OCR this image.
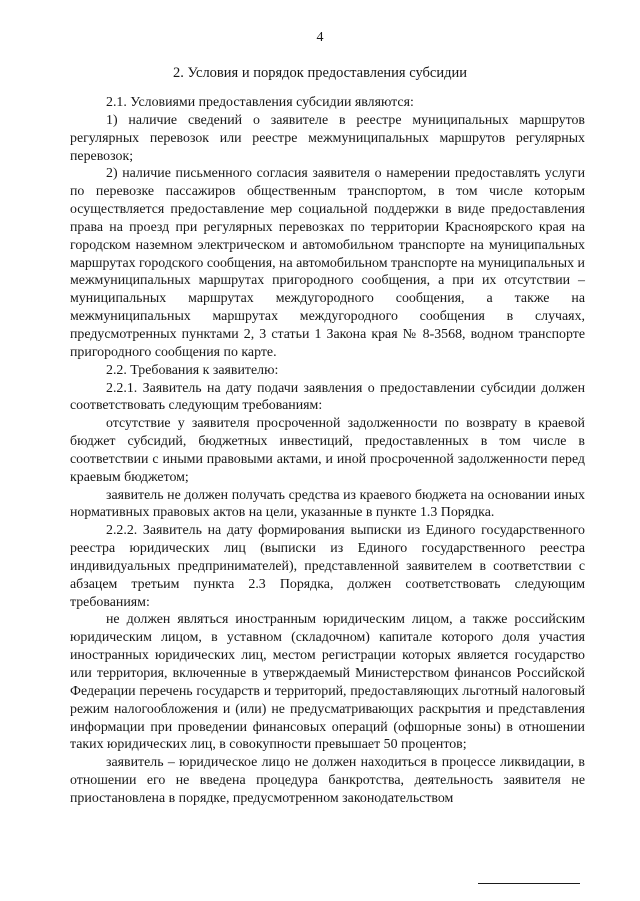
4
2. Условия и порядок предоставления субсидии

2.1. Условиями предоставления субсидии являются:

1) наличие сведений о заявителе в реестре муниципальных маршрутов регулярных перевозок или реестре межмуниципальных маршрутов регулярных перевозок;

2) наличие письменного согласия заявителя о намерении предоставлять услуги по перевозке пассажиров общественным транспортом, в том числе которым осуществляется предоставление мер социальной поддержки в виде предоставления права на проезд при регулярных перевозках по территории Красноярского края на городском наземном электрическом и автомобильном транспорте на муниципальных маршрутах городского сообщения, на автомобильном транспорте на муниципальных и межмуниципальных маршрутах пригородного сообщения, а при их отсутствии – муниципальных маршрутах междугородного сообщения, а также на межмуниципальных маршрутах междугородного сообщения в случаях, предусмотренных пунктами 2, 3 статьи 1 Закона края № 8-3568, водном транспорте пригородного сообщения по карте.

2.2. Требования к заявителю:

2.2.1. Заявитель на дату подачи заявления о предоставлении субсидии должен соответствовать следующим требованиям:

отсутствие у заявителя просроченной задолженности по возврату в краевой бюджет субсидий, бюджетных инвестиций, предоставленных в том числе в соответствии с иными правовыми актами, и иной просроченной задолженности перед краевым бюджетом;

заявитель не должен получать средства из краевого бюджета на основании иных нормативных правовых актов на цели, указанные в пункте 1.3 Порядка.

2.2.2. Заявитель на дату формирования выписки из Единого государственного реестра юридических лиц (выписки из Единого государственного реестра индивидуальных предпринимателей), представленной заявителем в соответствии с абзацем третьим пункта 2.3 Порядка, должен соответствовать следующим требованиям:

не должен являться иностранным юридическим лицом, а также российским юридическим лицом, в уставном (складочном) капитале которого доля участия иностранных юридических лиц, местом регистрации которых является государство или территория, включенные в утверждаемый Министерством финансов Российской Федерации перечень государств и территорий, предоставляющих льготный налоговый режим налогообложения и (или) не предусматривающих раскрытия и представления информации при проведении финансовых операций (офшорные зоны) в отношении таких юридических лиц, в совокупности превышает 50 процентов;

заявитель – юридическое лицо не должен находиться в процессе ликвидации, в отношении его не введена процедура банкротства, деятельность заявителя не приостановлена в порядке, предусмотренном законодательством
